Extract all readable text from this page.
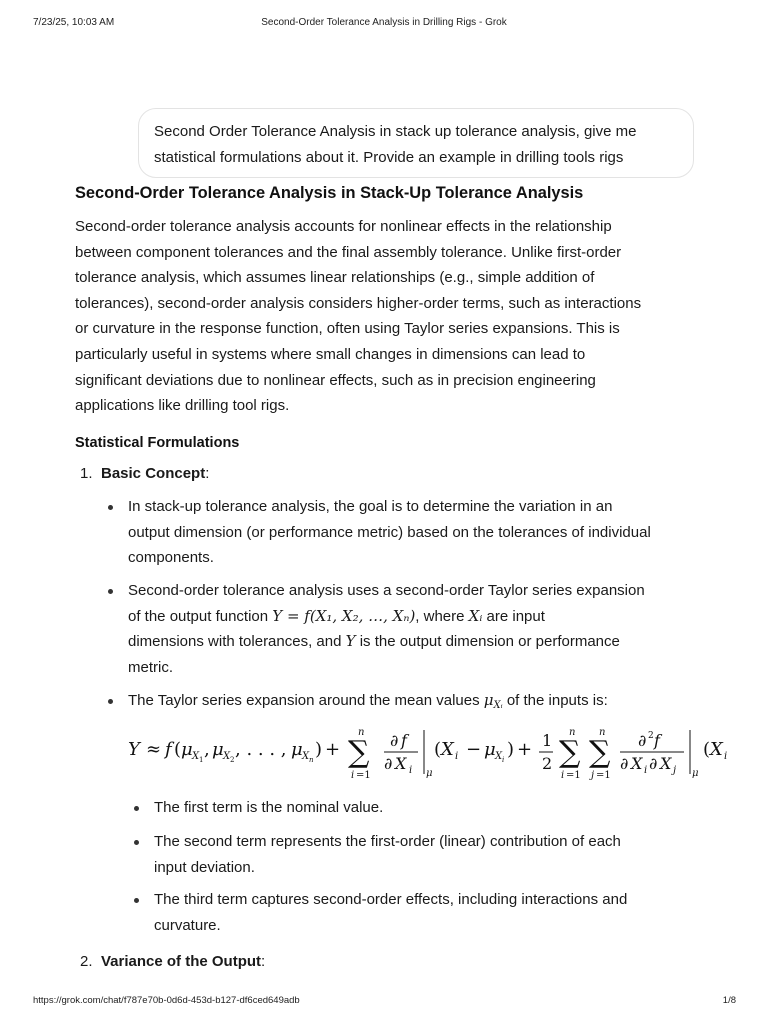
7/23/25, 10:03 AM	Second-Order Tolerance Analysis in Drilling Rigs - Grok
Second Order Tolerance Analysis in stack up tolerance analysis, give me
statistical formulations about it. Provide an example in drilling tools rigs
Second-Order Tolerance Analysis in Stack-Up Tolerance Analysis

Second-order tolerance analysis accounts for nonlinear effects in the relationship
between component tolerances and the final assembly tolerance. Unlike first-order
tolerance analysis, which assumes linear relationships (e.g., simple addition of
tolerances), second-order analysis considers higher-order terms, such as interactions
or curvature in the response function, often using Taylor series expansions. This is
particularly useful in systems where small changes in dimensions can lead to
significant deviations due to nonlinear effects, such as in precision engineering
applications like drilling tool rigs.

Statistical Formulations
1. Basic Concept:
In stack-up tolerance analysis, the goal is to determine the variation in an
output dimension (or performance metric) based on the tolerances of individual
components.
Second-order tolerance analysis uses a second-order Taylor series expansion
of the output function Y = f(X₁, X₂, …, Xₙ), where Xᵢ are input
dimensions with tolerances, and Y is the output dimension or performance
metric.
The Taylor series expansion around the mean values $\mu_{Xᵢ}$ of the inputs is:
Y ≈ f ( μ X 1 , μ X 2 , . . . , μ X n ) +
n
∑
i =1
∂ f
∂ X i μ
( X i − μ X i ) + 1
2
n
∑
i =1
n
∑
j =1
∂ 2 f
∂ X i ∂ X j μ
( X i
The first term is the nominal value.
The second term represents the first-order (linear) contribution of each
input deviation.
The third term captures second-order effects, including interactions and
curvature.
2. Variance of the Output:
https://grok.com/chat/f787e70b-0d6d-453d-b127-df6ced649adb	1/8
